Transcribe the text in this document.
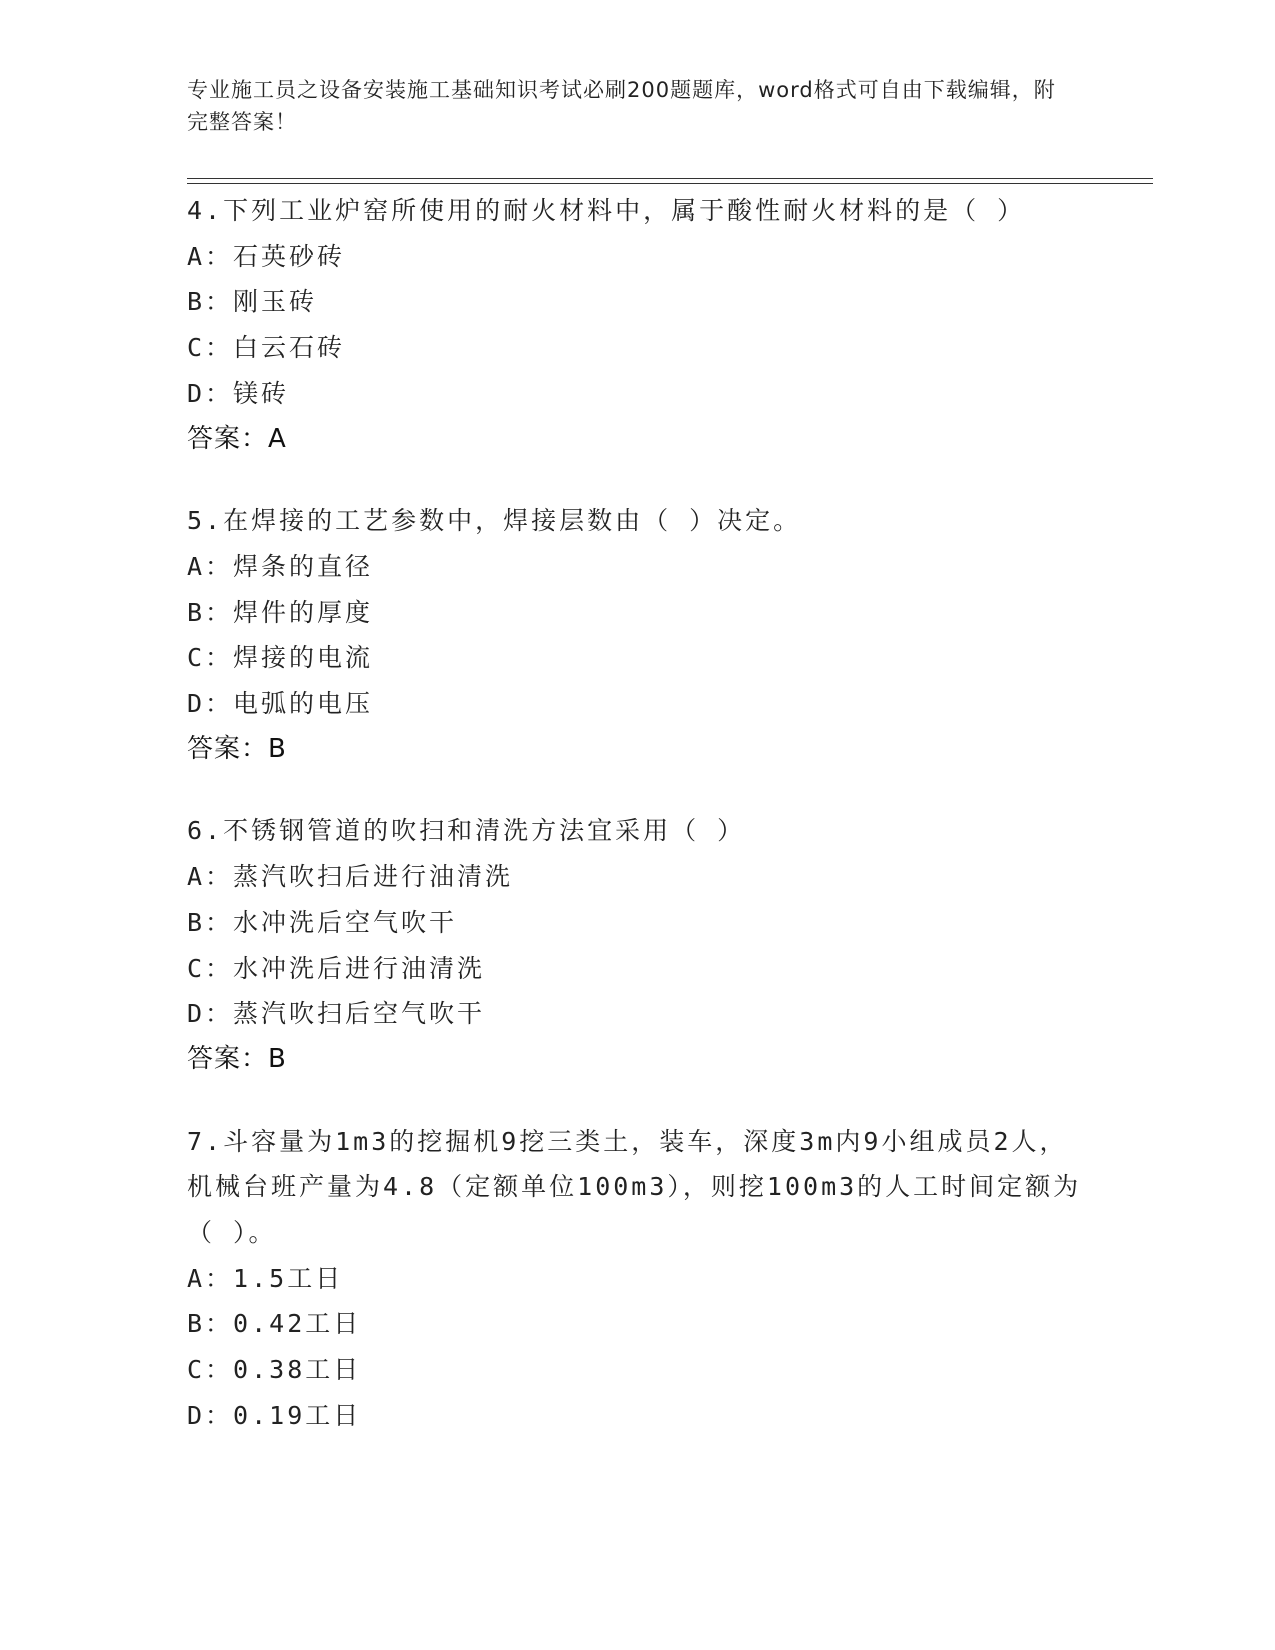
专业施工员之设备安装施工基础知识考试必刷200题题库，word格式可自由下载编辑，附完整答案！
4.下列工业炉窑所使用的耐火材料中，属于酸性耐火材料的是（ ）
A：石英砂砖
B：刚玉砖
C：白云石砖
D：镁砖
答案：A
5.在焊接的工艺参数中，焊接层数由（ ）决定。
A：焊条的直径
B：焊件的厚度
C：焊接的电流
D：电弧的电压
答案：B
6.不锈钢管道的吹扫和清洗方法宜采用（ ）
A：蒸汽吹扫后进行油清洗
B：水冲洗后空气吹干
C：水冲洗后进行油清洗
D：蒸汽吹扫后空气吹干
答案：B
7.斗容量为1m3的挖掘机9挖三类土，装车，深度3m内9小组成员2人，机械台班产量为4.8（定额单位100m3），则挖100m3的人工时间定额为（ ）。
A：1.5工日
B：0.42工日
C：0.38工日
D：0.19工日
